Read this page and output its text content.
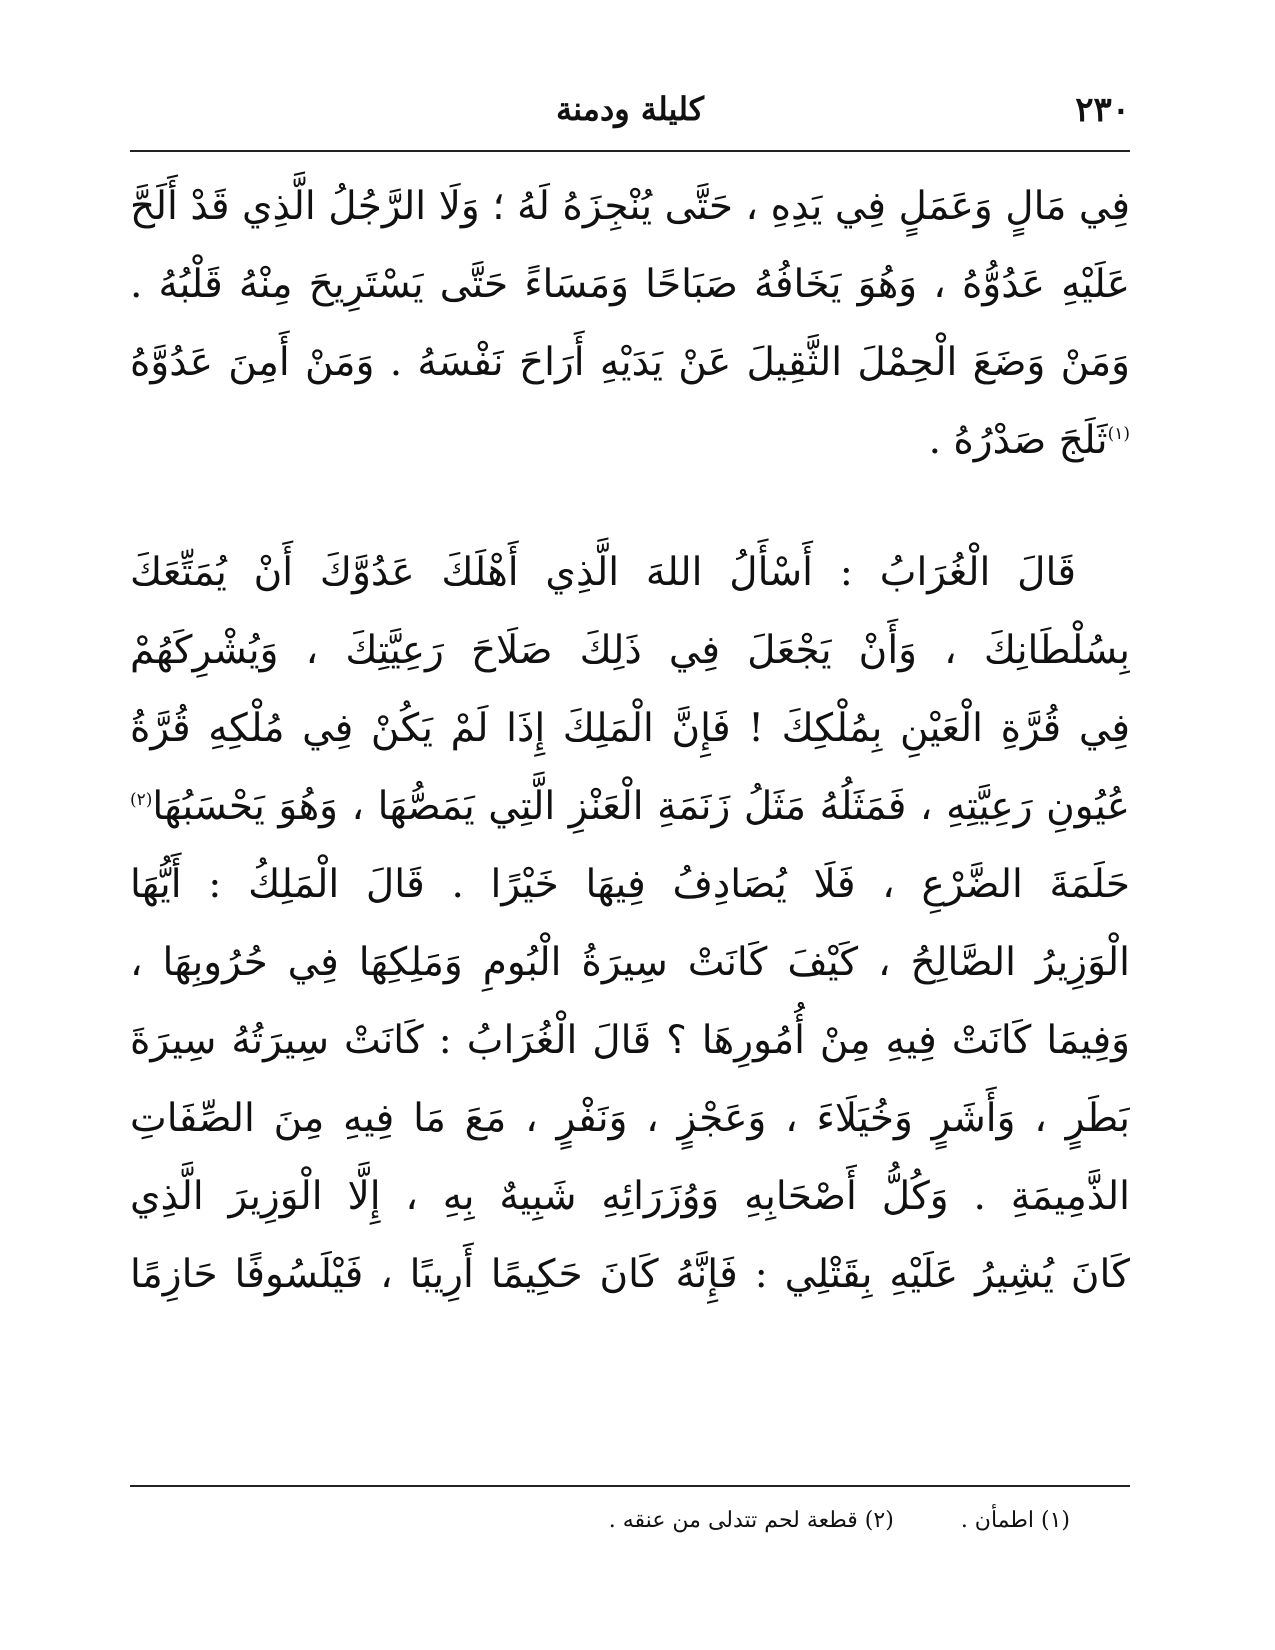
٢٣٠
كليلة ودمنة
فِي مَالٍ وَعَمَلٍ فِي يَدِهِ ، حَتَّى يُنْجِزَهُ لَهُ ؛ وَلَا الرَّجُلُ الَّذِي قَدْ أَلَحَّ
عَلَيْهِ عَدُوُّهُ ، وَهُوَ يَخَافُهُ صَبَاحًا وَمَسَاءً حَتَّى يَسْتَرِيحَ مِنْهُ قَلْبُهُ .
وَمَنْ وَضَعَ الْحِمْلَ الثَّقِيلَ عَنْ يَدَيْهِ أَرَاحَ نَفْسَهُ . وَمَنْ أَمِنَ عَدُوَّهُ
$^{(١)}$ثَلَجَ صَدْرُهُ .
قَالَ الْغُرَابُ : أَسْأَلُ اللهَ الَّذِي أَهْلَكَ عَدُوَّكَ أَنْ يُمَتِّعَكَ
بِسُلْطَانِكَ ، وَأَنْ يَجْعَلَ فِي ذَلِكَ صَلَاحَ رَعِيَّتِكَ ، وَيُشْرِكَهُمْ
فِي قُرَّةِ الْعَيْنِ بِمُلْكِكَ ! فَإِنَّ الْمَلِكَ إِذَا لَمْ يَكُنْ فِي مُلْكِهِ قُرَّةُ
عُيُونِ رَعِيَّتِهِ ، فَمَثَلُهُ مَثَلُ زَنَمَةِ الْعَنْزِ الَّتِي يَمَصُّهَا ، وَهُوَ يَحْسَبُهَا$^{(٢)}$
حَلَمَةَ الضَّرْعِ ، فَلَا يُصَادِفُ فِيهَا خَيْرًا . قَالَ الْمَلِكُ : أَيُّهَا
الْوَزِيرُ الصَّالِحُ ، كَيْفَ كَانَتْ سِيرَةُ الْبُومِ وَمَلِكِهَا فِي حُرُوبِهَا ،
وَفِيمَا كَانَتْ فِيهِ مِنْ أُمُورِهَا ؟ قَالَ الْغُرَابُ : كَانَتْ سِيرَتُهُ سِيرَةَ
بَطَرٍ ، وَأَشَرٍ وَخُيَلَاءَ ، وَعَجْزٍ ، وَنَفْرٍ ، مَعَ مَا فِيهِ مِنَ الصِّفَاتِ
الذَّمِيمَةِ . وَكُلُّ أَصْحَابِهِ وَوُزَرَائِهِ شَبِيهٌ بِهِ ، إِلَّا الْوَزِيرَ الَّذِي
كَانَ يُشِيرُ عَلَيْهِ بِقَتْلِي : فَإِنَّهُ كَانَ حَكِيمًا أَرِيبًا ، فَيْلَسُوفًا حَازِمًا
(١) اطمأن . (٢) قطعة لحم تتدلى من عنقه .
